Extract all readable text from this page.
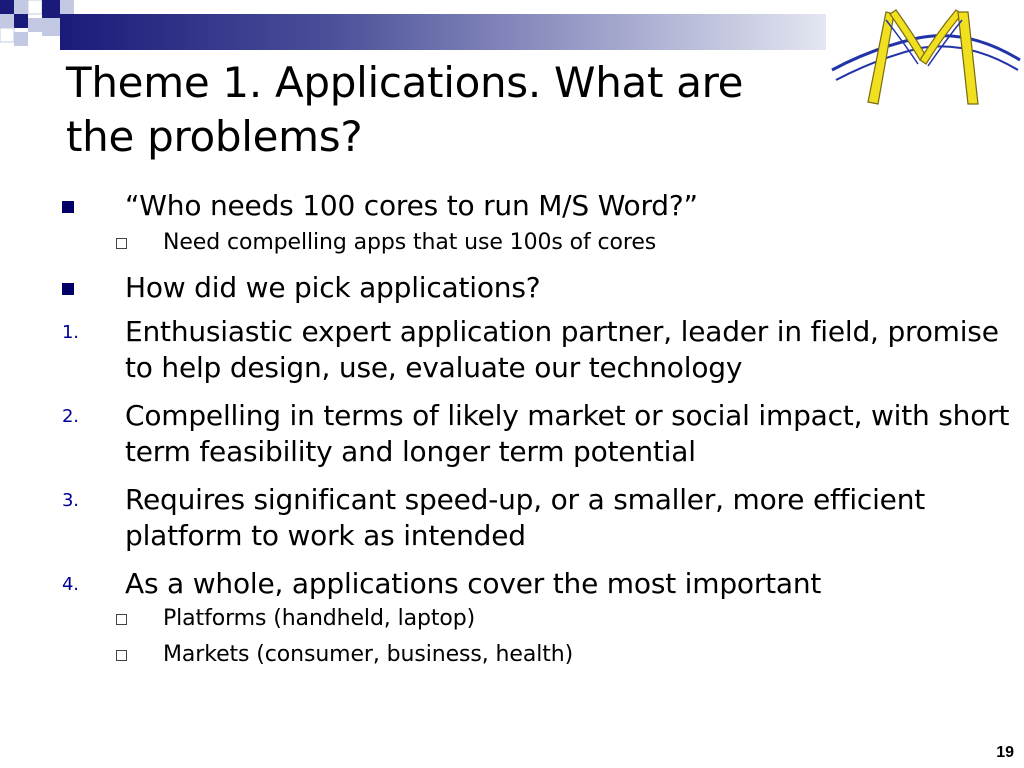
Theme 1. Applications. What are
the problems?
“Who needs 100 cores to run M/S Word?”
Need compelling apps that use 100s of cores
How did we pick applications?
1. Enthusiastic expert application partner, leader in field, promise to help design, use, evaluate our technology
2. Compelling in terms of likely market or social impact, with short term feasibility and longer term potential
3. Requires significant speed-up, or a smaller, more efficient platform to work as intended
4. As a whole, applications cover the most important
Platforms (handheld, laptop)
Markets (consumer, business, health)
19
